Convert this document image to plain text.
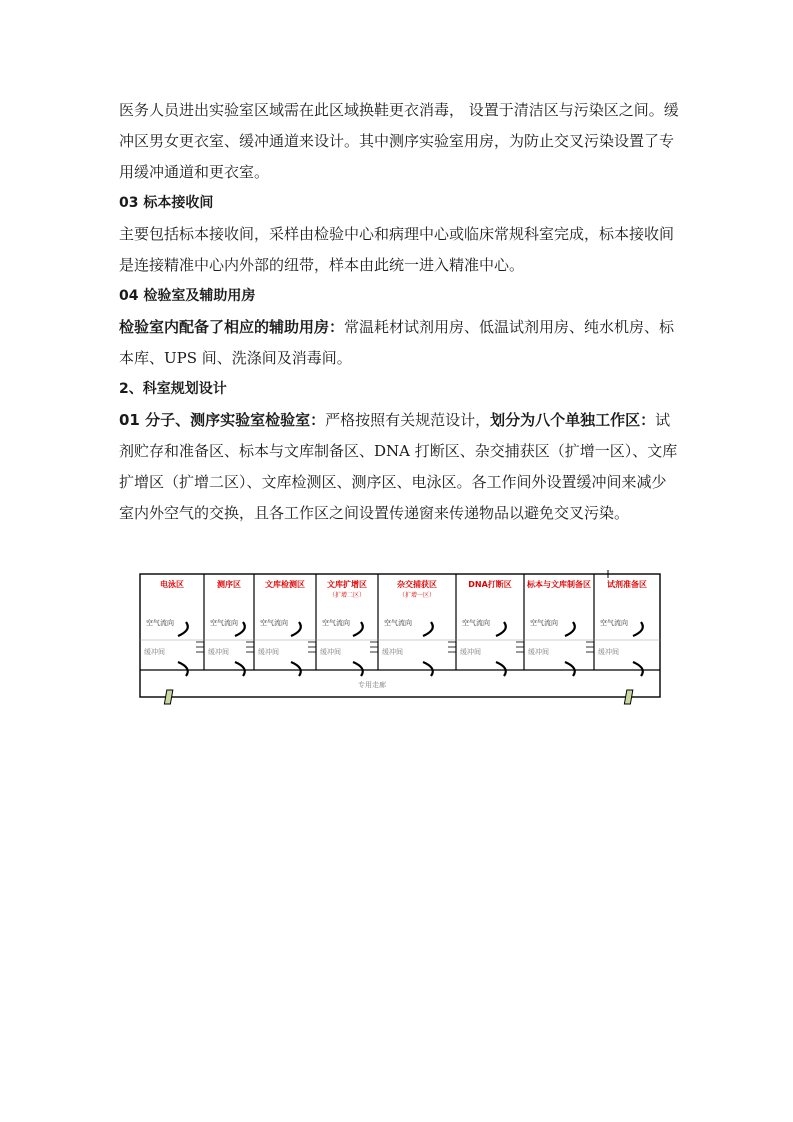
医务人员进出实验室区域需在此区域换鞋更衣消毒， 设置于清洁区与污染区之间。缓冲区男女更衣室、缓冲通道来设计。其中测序实验室用房，为防止交叉污染设置了专用缓冲通道和更衣室。

03 标本接收间

主要包括标本接收间，采样由检验中心和病理中心或临床常规科室完成，标本接收间是连接精准中心内外部的纽带，样本由此统一进入精准中心。

04 检验室及辅助用房

检验室内配备了相应的辅助用房：常温耗材试剂用房、低温试剂用房、纯水机房、标本库、UPS 间、洗涤间及消毒间。

2、科室规划设计

01 分子、测序实验室检验室：严格按照有关规范设计，划分为八个单独工作区：试剂贮存和准备区、标本与文库制备区、DNA 打断区、杂交捕获区（扩增一区）、文库扩增区（扩增二区）、文库检测区、测序区、电泳区。各工作间外设置缓冲间来减少室内外空气的交换，且各工作区之间设置传递窗来传递物品以避免交叉污染。

电泳区
空气流向
缓冲间
测序区
空气流向
缓冲间
文库检测区
空气流向
缓冲间
文库扩增区
（扩增二区）
空气流向
缓冲间
杂交捕获区
（扩增一区）
空气流向
缓冲间
DNA打断区
空气流向
缓冲间
标本与文库制备区
空气流向
缓冲间
试剂准备区
空气流向
缓冲间
专用走廊
